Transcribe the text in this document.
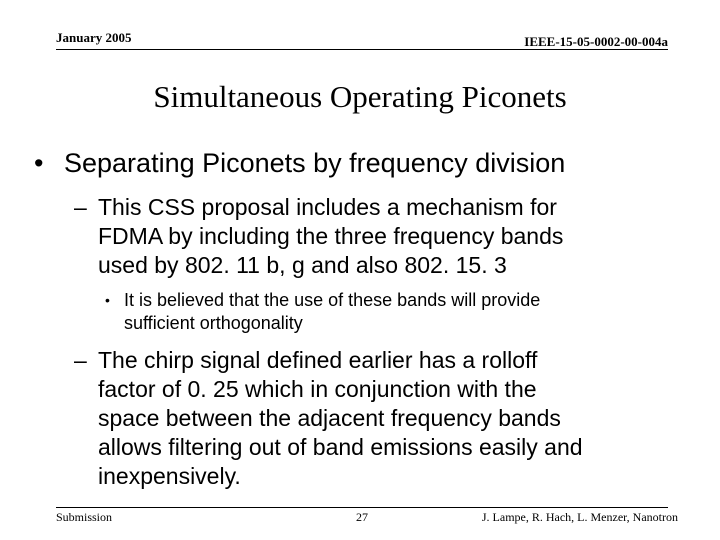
January 2005	IEEE-15-05-0002-00-004a
Simultaneous Operating Piconets
• Separating Piconets by frequency division
– This CSS proposal includes a mechanism for
FDMA by including the three frequency bands
used by 802. 11 b, g and also 802. 15. 3
• It is believed that the use of these bands will provide
sufficient orthogonality
– The chirp signal defined earlier has a rolloff
factor of 0. 25 which in conjunction with the
space between the adjacent frequency bands
allows filtering out of band emissions easily and
inexpensively.
Submission	27	J. Lampe, R. Hach, L. Menzer, Nanotron
